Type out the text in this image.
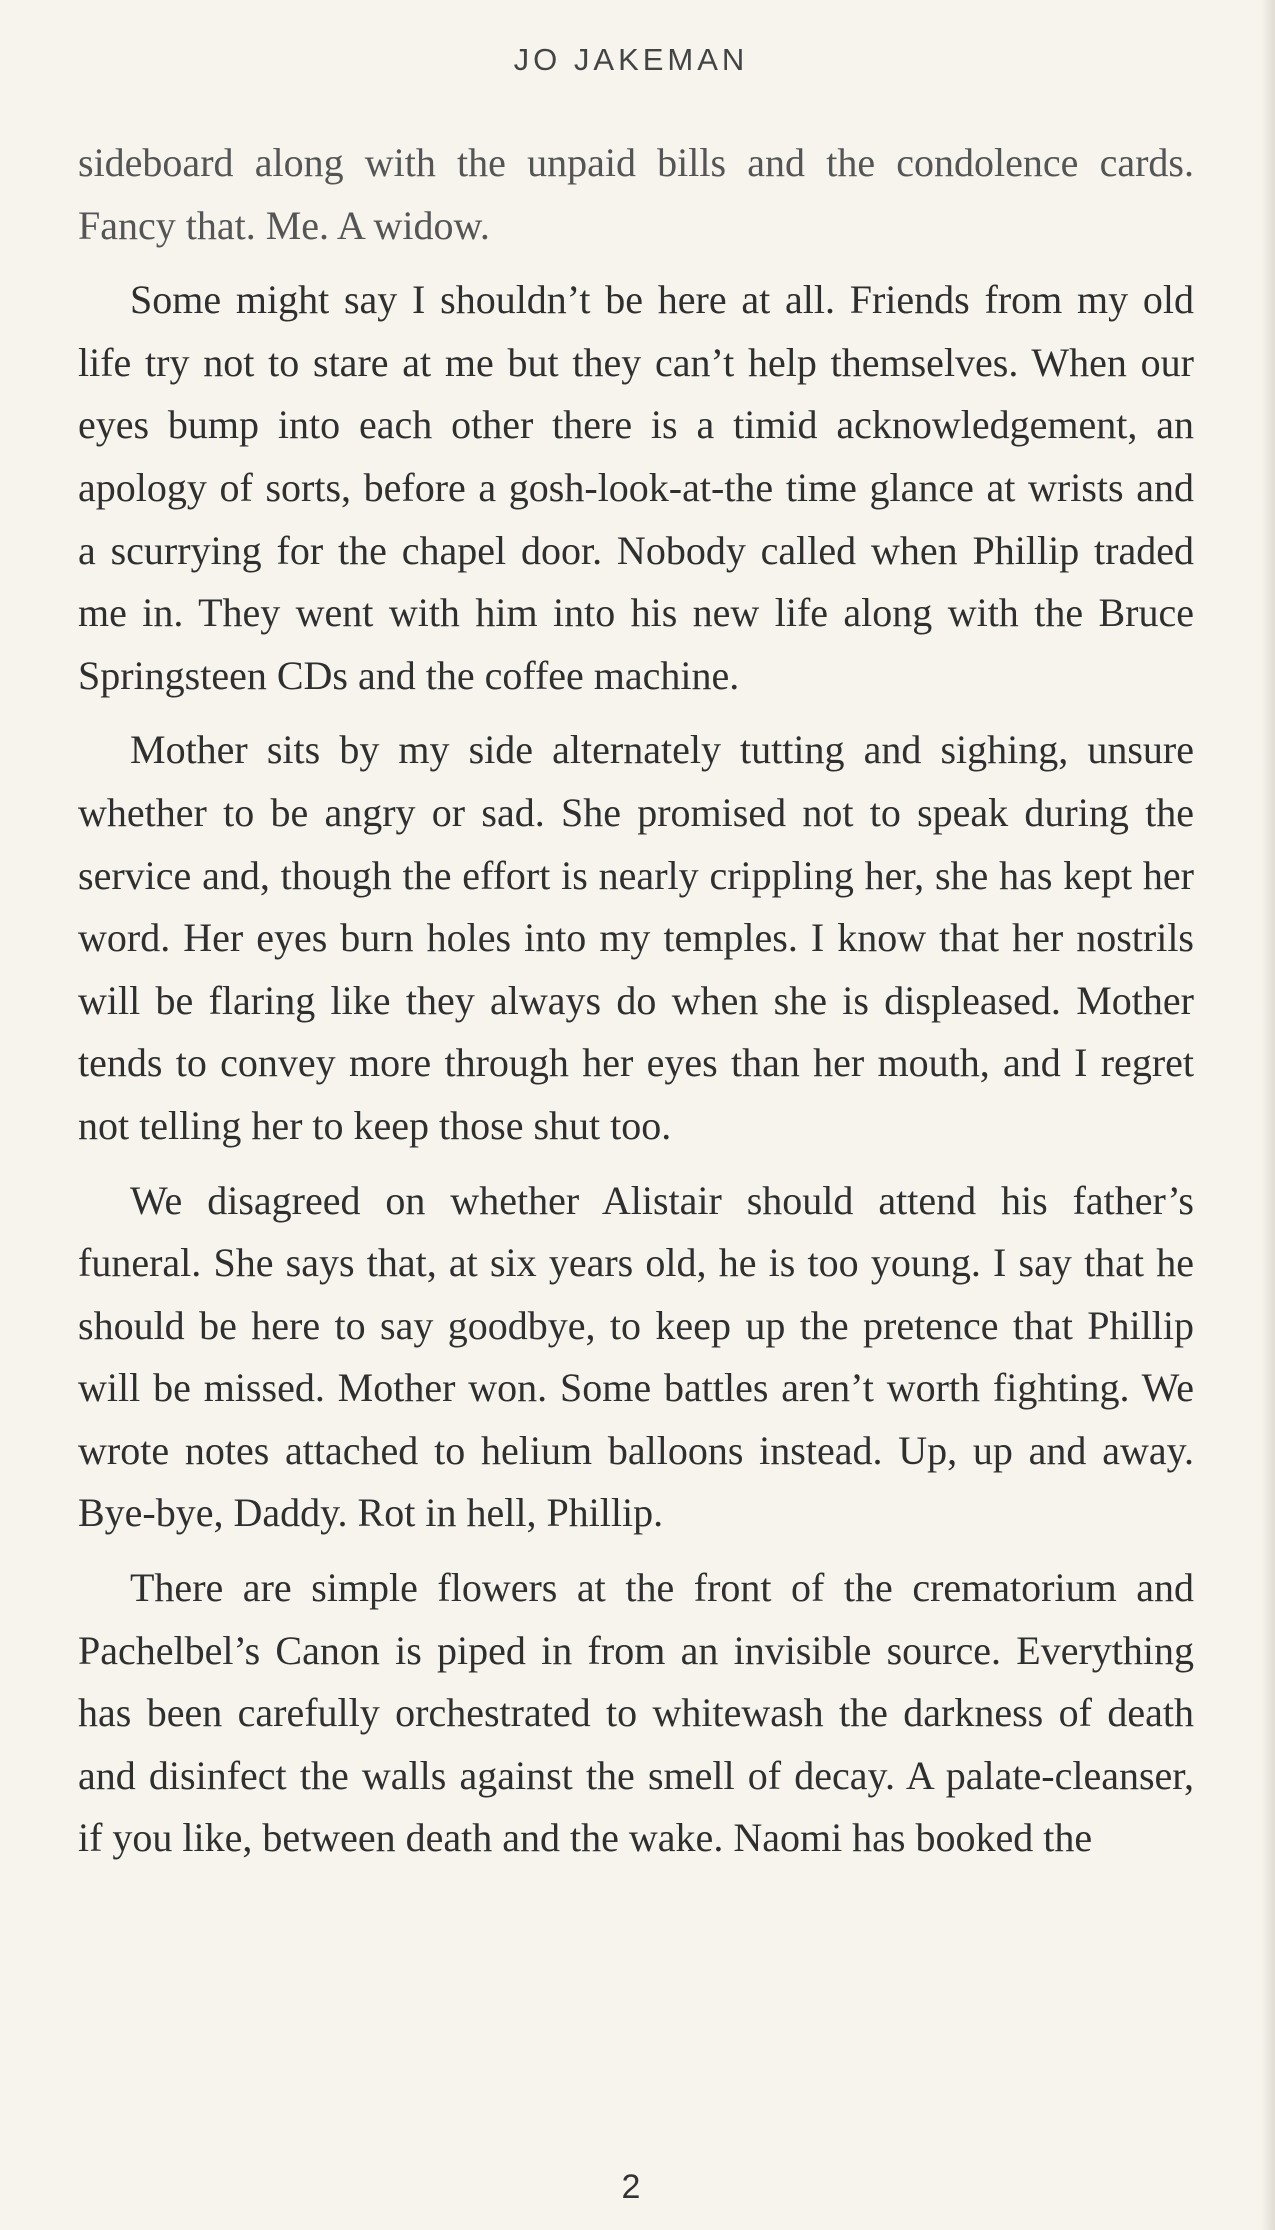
JO JAKEMAN

sideboard along with the unpaid bills and the condolence cards. Fancy that. Me. A widow.

Some might say I shouldn’t be here at all. Friends from my old life try not to stare at me but they can’t help themselves. When our eyes bump into each other there is a timid acknowledgement, an apology of sorts, before a gosh-look-at-the time glance at wrists and a scurrying for the chapel door. Nobody called when Phillip traded me in. They went with him into his new life along with the Bruce Springsteen CDs and the coffee machine.

Mother sits by my side alternately tutting and sighing, unsure whether to be angry or sad. She promised not to speak during the service and, though the effort is nearly crippling her, she has kept her word. Her eyes burn holes into my temples. I know that her nostrils will be flaring like they always do when she is displeased. Mother tends to convey more through her eyes than her mouth, and I regret not telling her to keep those shut too.

We disagreed on whether Alistair should attend his father’s funeral. She says that, at six years old, he is too young. I say that he should be here to say goodbye, to keep up the pretence that Phillip will be missed. Mother won. Some battles aren’t worth fighting. We wrote notes attached to helium balloons instead. Up, up and away. Bye-bye, Daddy. Rot in hell, Phillip.

There are simple flowers at the front of the crematorium and Pachelbel’s Canon is piped in from an invisible source. Everything has been carefully orchestrated to whitewash the darkness of death and disinfect the walls against the smell of decay. A palate-cleanser, if you like, between death and the wake. Naomi has booked the

2
